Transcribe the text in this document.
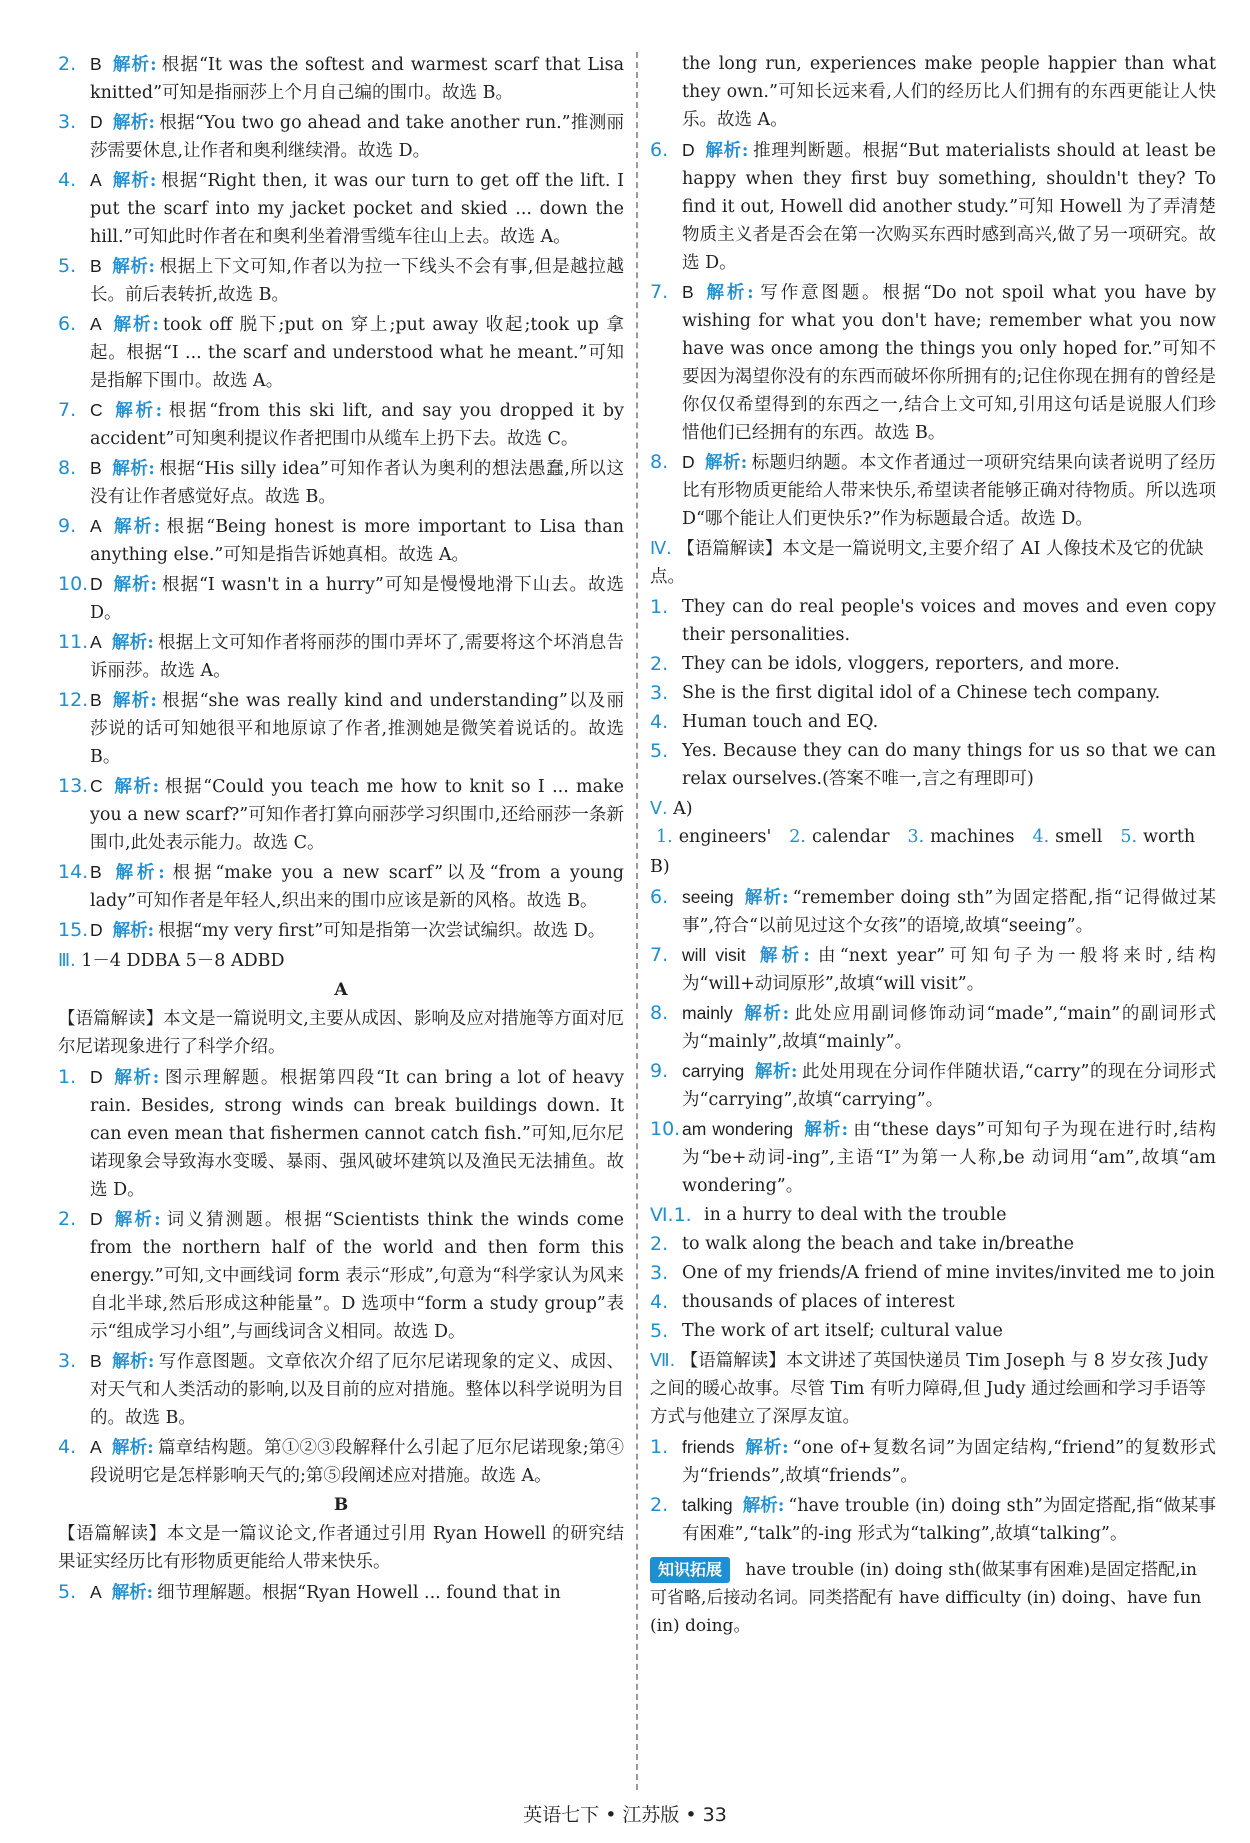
2. B 解析: 根据“It was the softest and warmest scarf that Lisa knitted”可知是指丽莎上个月自己编的围巾。故选 B。
3. D 解析: 根据“You two go ahead and take another run.”推测丽莎需要休息,让作者和奥利继续滑。故选 D。
4. A 解析: 根据“Right then, it was our turn to get off the lift. I put the scarf into my jacket pocket and skied ... down the hill.”可知此时作者在和奥利坐着滑雪缆车往山上去。故选 A。
5. B 解析: 根据上下文可知,作者以为拉一下线头不会有事,但是越拉越长。前后表转折,故选 B。
6. A 解析: took off 脱下;put on 穿上;put away 收起;took up 拿起。根据“I ... the scarf and understood what he meant.”可知是指解下围巾。故选 A。
7. C 解析: 根据“from this ski lift, and say you dropped it by accident”可知奥利提议作者把围巾从缆车上扔下去。故选 C。
8. B 解析: 根据“His silly idea”可知作者认为奥利的想法愚蠢,所以这没有让作者感觉好点。故选 B。
9. A 解析: 根据“Being honest is more important to Lisa than anything else.”可知是指告诉她真相。故选 A。
10. D 解析: 根据“I wasn't in a hurry”可知是慢慢地滑下山去。故选 D。
11. A 解析: 根据上文可知作者将丽莎的围巾弄坏了,需要将这个坏消息告诉丽莎。故选 A。
12. B 解析: 根据“she was really kind and understanding”以及丽莎说的话可知她很平和地原谅了作者,推测她是微笑着说话的。故选 B。
13. C 解析: 根据“Could you teach me how to knit so I ... make you a new scarf?”可知作者打算向丽莎学习织围巾,还给丽莎一条新围巾,此处表示能力。故选 C。
14. B 解析: 根据“make you a new scarf”以及“from a young lady”可知作者是年轻人,织出来的围巾应该是新的风格。故选 B。
15. D 解析: 根据“my very first”可知是指第一次尝试编织。故选 D。
Ⅲ. 1－4 DDBA 5－8 ADBD
A
【语篇解读】本文是一篇说明文,主要从成因、影响及应对措施等方面对厄尔尼诺现象进行了科学介绍。
1. D 解析: 图示理解题。根据第四段“It can bring a lot of heavy rain. Besides, strong winds can break buildings down. It can even mean that fishermen cannot catch fish.”可知,厄尔尼诺现象会导致海水变暖、暴雨、强风破坏建筑以及渔民无法捕鱼。故选 D。
2. D 解析: 词义猜测题。根据“Scientists think the winds come from the northern half of the world and then form this energy.”可知,文中画线词 form 表示“形成”,句意为“科学家认为风来自北半球,然后形成这种能量”。D 选项中“form a study group”表示“组成学习小组”,与画线词含义相同。故选 D。
3. B 解析: 写作意图题。文章依次介绍了厄尔尼诺现象的定义、成因、对天气和人类活动的影响,以及目前的应对措施。整体以科学说明为目的。故选 B。
4. A 解析: 篇章结构题。第①②③段解释什么引起了厄尔尼诺现象;第④段说明它是怎样影响天气的;第⑤段阐述应对措施。故选 A。
B
【语篇解读】本文是一篇议论文,作者通过引用 Ryan Howell 的研究结果证实经历比有形物质更能给人带来快乐。
5. A 解析: 细节理解题。根据“Ryan Howell ... found that in
the long run, experiences make people happier than what they own.”可知长远来看,人们的经历比人们拥有的东西更能让人快乐。故选 A。
6. D 解析: 推理判断题。根据“But materialists should at least be happy when they first buy something, shouldn't they? To find it out, Howell did another study.”可知 Howell 为了弄清楚物质主义者是否会在第一次购买东西时感到高兴,做了另一项研究。故选 D。
7. B 解析: 写作意图题。根据“Do not spoil what you have by wishing for what you don't have; remember what you now have was once among the things you only hoped for.”可知不要因为渴望你没有的东西而破坏你所拥有的;记住你现在拥有的曾经是你仅仅希望得到的东西之一,结合上文可知,引用这句话是说服人们珍惜他们已经拥有的东西。故选 B。
8. D 解析: 标题归纳题。本文作者通过一项研究结果向读者说明了经历比有形物质更能给人带来快乐,希望读者能够正确对待物质。所以选项 D“哪个能让人们更快乐?”作为标题最合适。故选 D。
Ⅳ. 【语篇解读】本文是一篇说明文,主要介绍了 AI 人像技术及它的优缺点。
1. They can do real people's voices and moves and even copy their personalities.
2. They can be idols, vloggers, reporters, and more.
3. She is the first digital idol of a Chinese tech company.
4. Human touch and EQ.
5. Yes. Because they can do many things for us so that we can relax ourselves.(答案不唯一,言之有理即可)
Ⅴ. A) 1. engineers' 2. calendar 3. machines 4. smell 5. worth
B)
6. seeing 解析: “remember doing sth”为固定搭配,指“记得做过某事”,符合“以前见过这个女孩”的语境,故填“seeing”。
7. will visit 解析: 由“next year”可知句子为一般将来时,结构为“will+动词原形”,故填“will visit”。
8. mainly 解析: 此处应用副词修饰动词“made”,“main”的副词形式为“mainly”,故填“mainly”。
9. carrying 解析: 此处用现在分词作伴随状语,“carry”的现在分词形式为“carrying”,故填“carrying”。
10. am wondering 解析: 由“these days”可知句子为现在进行时,结构为“be+动词-ing”,主语“I”为第一人称,be 动词用“am”,故填“am wondering”。
Ⅵ.1. in a hurry to deal with the trouble
2. to walk along the beach and take in/breathe
3. One of my friends/A friend of mine invites/invited me to join
4. thousands of places of interest
5. The work of art itself; cultural value
Ⅶ. 【语篇解读】本文讲述了英国快递员 Tim Joseph 与 8 岁女孩 Judy 之间的暖心故事。尽管 Tim 有听力障碍,但 Judy 通过绘画和学习手语等方式与他建立了深厚友谊。
1. friends 解析: “one of+复数名词”为固定结构,“friend”的复数形式为“friends”,故填“friends”。
2. talking 解析: “have trouble (in) doing sth”为固定搭配,指“做某事有困难”,“talk”的-ing 形式为“talking”,故填“talking”。
知识拓展 have trouble (in) doing sth(做某事有困难)是固定搭配,in 可省略,后接动名词。同类搭配有 have difficulty (in) doing、have fun (in) doing。
英语七下 • 江苏版 • 33
